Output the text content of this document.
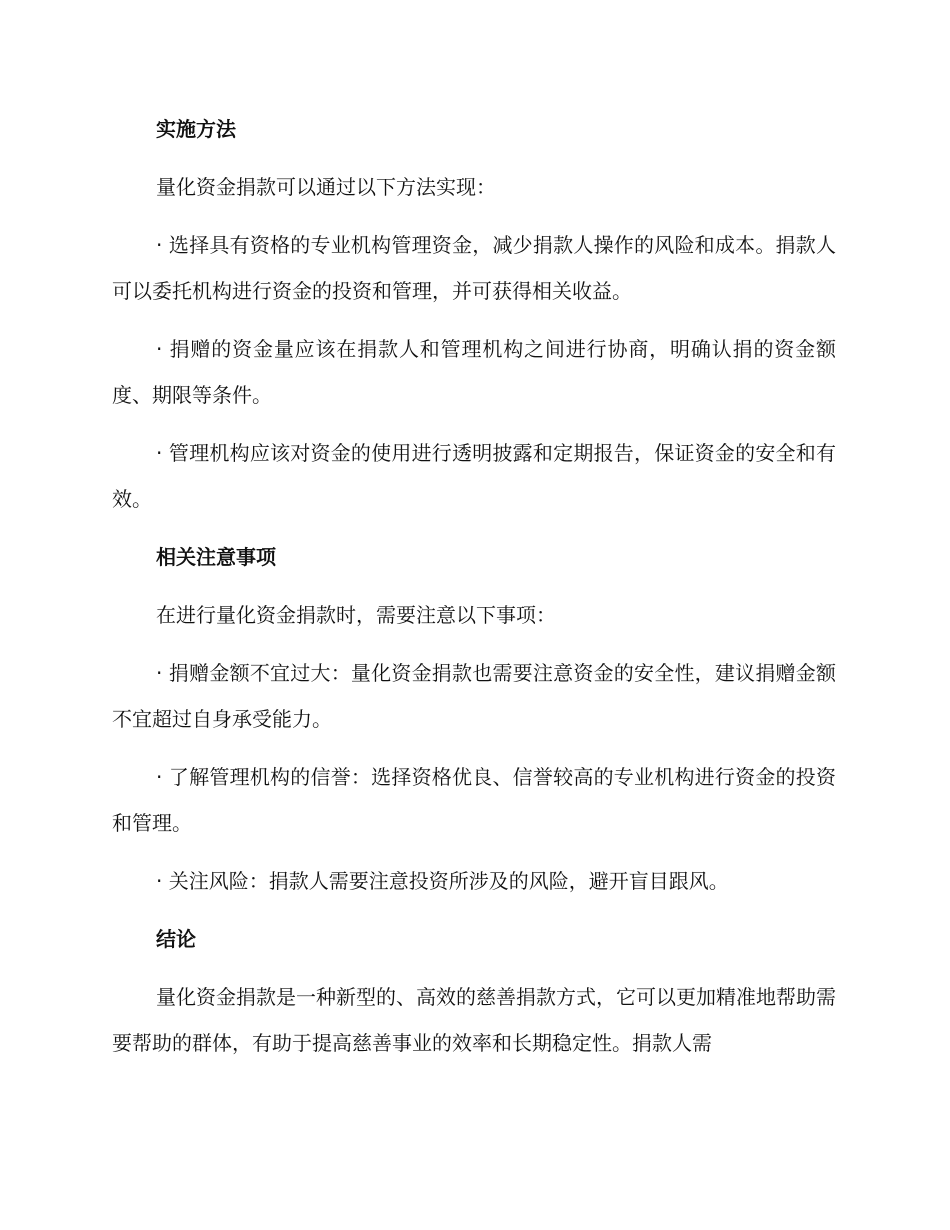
实施方法

量化资金捐款可以通过以下方法实现：

· 选择具有资格的专业机构管理资金，减少捐款人操作的风险和成本。捐款人可以委托机构进行资金的投资和管理，并可获得相关收益。

· 捐赠的资金量应该在捐款人和管理机构之间进行协商，明确认捐的资金额度、期限等条件。

· 管理机构应该对资金的使用进行透明披露和定期报告，保证资金的安全和有效。

相关注意事项

在进行量化资金捐款时，需要注意以下事项：

· 捐赠金额不宜过大：量化资金捐款也需要注意资金的安全性，建议捐赠金额不宜超过自身承受能力。

· 了解管理机构的信誉：选择资格优良、信誉较高的专业机构进行资金的投资和管理。

· 关注风险：捐款人需要注意投资所涉及的风险，避开盲目跟风。

结论

量化资金捐款是一种新型的、高效的慈善捐款方式，它可以更加精准地帮助需要帮助的群体，有助于提高慈善事业的效率和长期稳定性。捐款人需
